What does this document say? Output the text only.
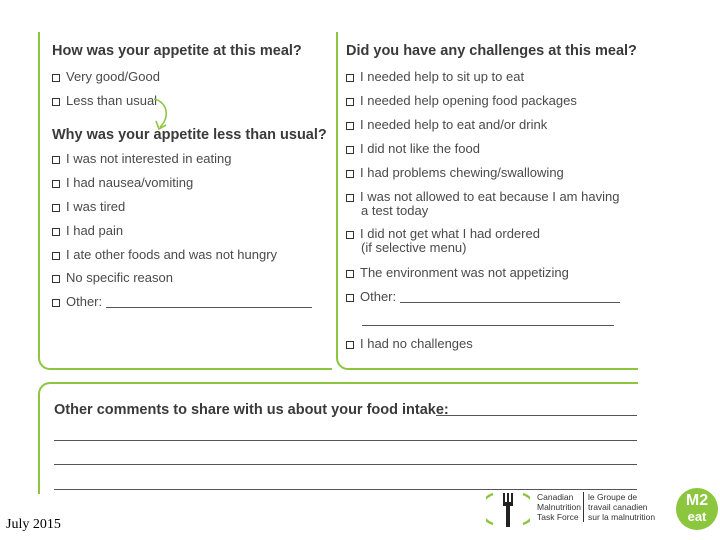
How was your appetite at this meal?
Very good/Good
Less than usual
Why was your appetite less than usual?
I was not interested in eating
I had nausea/vomiting
I was tired
I had pain
I ate other foods and was not hungry
No specific reason
Other:
Did you have any challenges at this meal?
I needed help to sit up to eat
I needed help opening food packages
I needed help to eat and/or drink
I did not like the food
I had problems chewing/swallowing
I was not allowed to eat because I am having
a test today
I did not get what I had ordered
(if selective menu)
The environment was not appetizing
Other:
I had no challenges
Other comments to share with us about your food intake:
July 2015
Canadian
Malnutrition
Task Force
le Groupe de
travail canadien
sur la malnutrition
M2
eat
